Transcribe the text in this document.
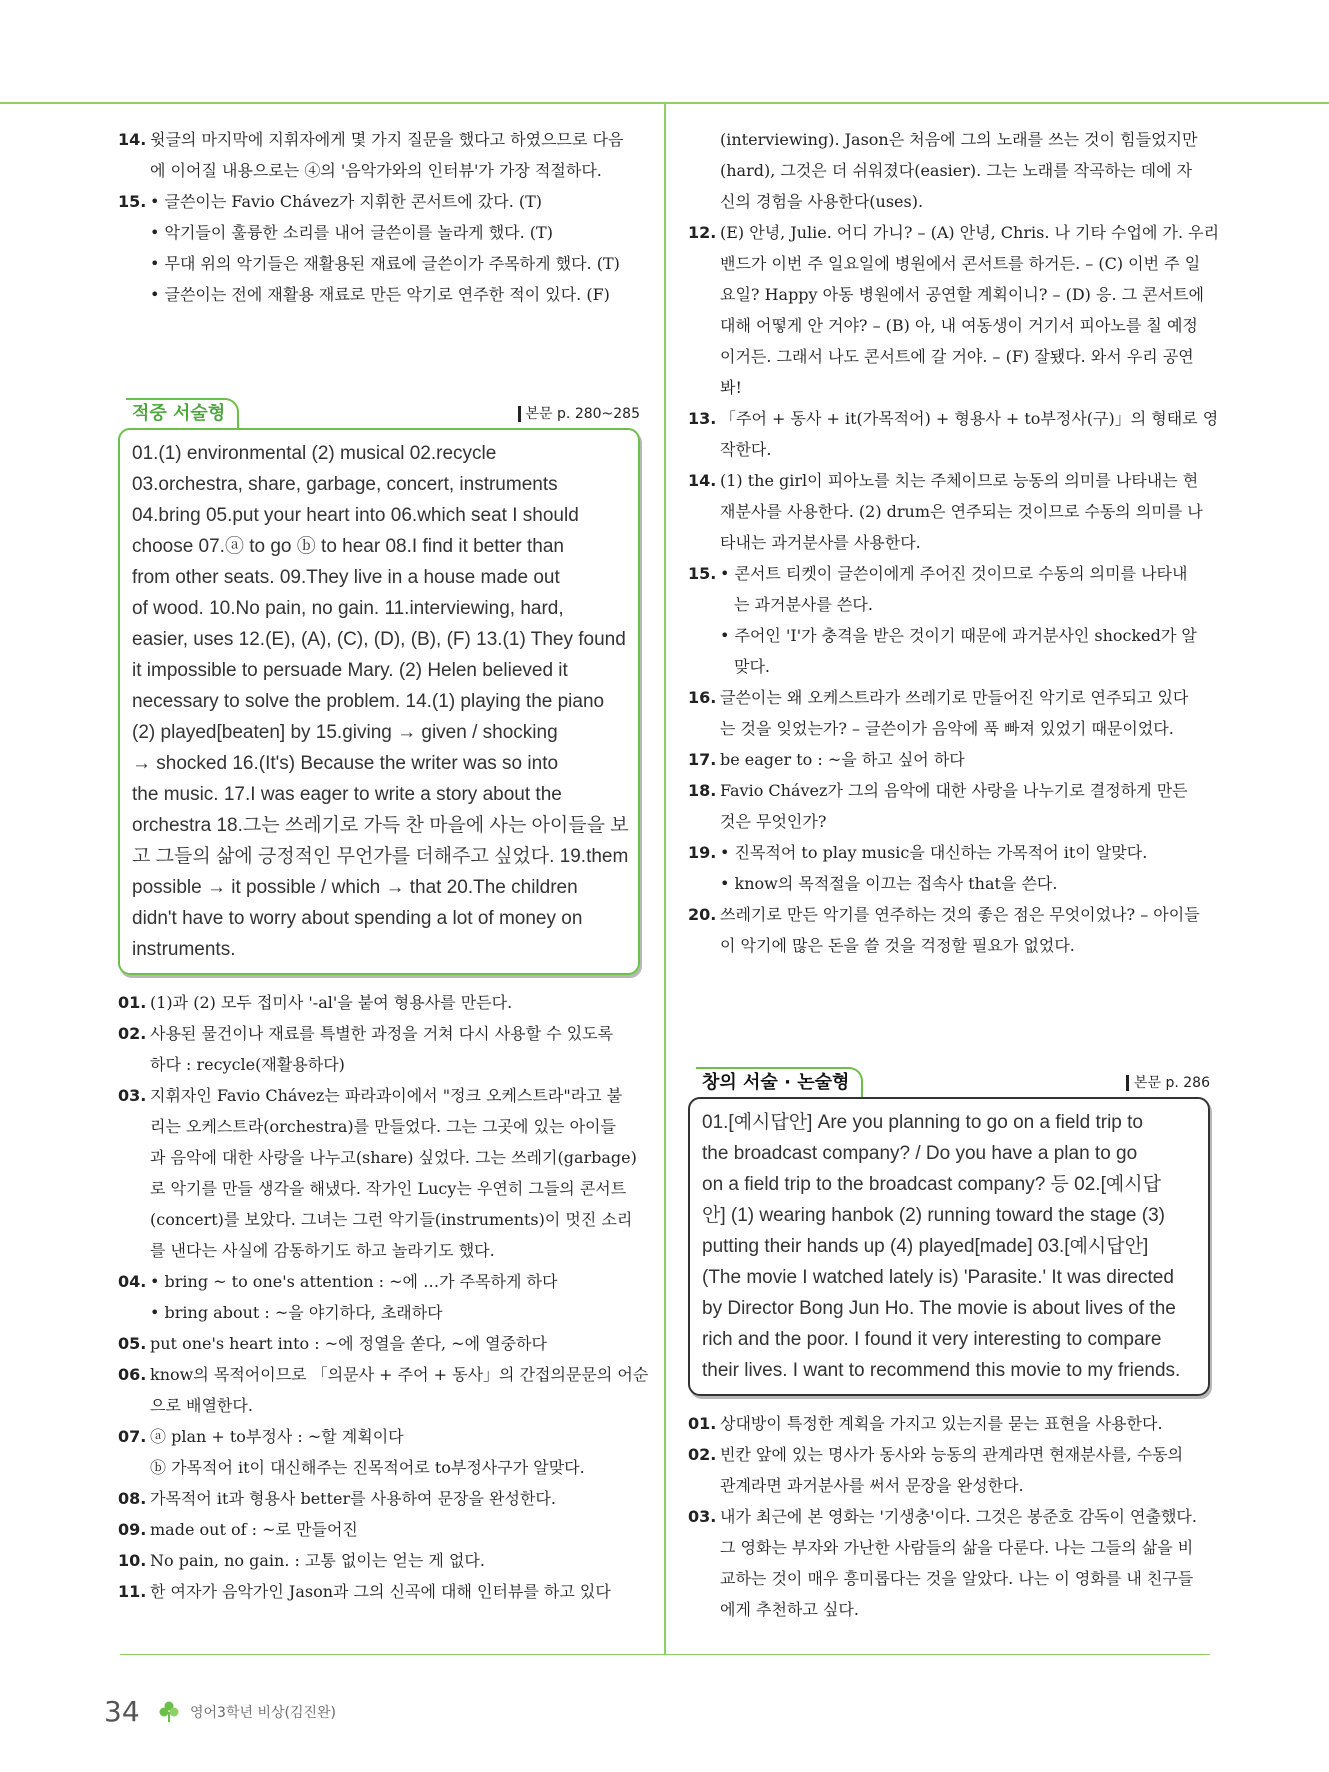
14. 윗글의 마지막에 지휘자에게 몇 가지 질문을 했다고 하였으므로 다음
에 이어질 내용으로는 ④의 '음악가와의 인터뷰'가 가장 적절하다.
15. • 글쓴이는 Favio Chávez가 지휘한 콘서트에 갔다. (T)
• 악기들이 훌륭한 소리를 내어 글쓴이를 놀라게 했다. (T)
• 무대 위의 악기들은 재활용된 재료에 글쓴이가 주목하게 했다. (T)
• 글쓴이는 전에 재활용 재료로 만든 악기로 연주한 적이 있다. (F)
적중 서술형	본문 p. 280~285
01.(1) environmental (2) musical 02.recycle
03.orchestra, share, garbage, concert, instruments
04.bring 05.put your heart into 06.which seat I should
choose 07.ⓐ to go ⓑ to hear 08.I find it better than
from other seats. 09.They live in a house made out
of wood. 10.No pain, no gain. 11.interviewing, hard,
easier, uses 12.(E), (A), (C), (D), (B), (F) 13.(1) They found
it impossible to persuade Mary. (2) Helen believed it
necessary to solve the problem. 14.(1) playing the piano
(2) played[beaten] by 15.giving → given / shocking
→ shocked 16.(It's) Because the writer was so into
the music. 17.I was eager to write a story about the
orchestra 18.그는 쓰레기로 가득 찬 마을에 사는 아이들을 보
고 그들의 삶에 긍정적인 무언가를 더해주고 싶었다. 19.them
possible → it possible / which → that 20.The children
didn't have to worry about spending a lot of money on
instruments.
01. (1)과 (2) 모두 접미사 '-al'을 붙여 형용사를 만든다.
02. 사용된 물건이나 재료를 특별한 과정을 거쳐 다시 사용할 수 있도록
하다 : recycle(재활용하다)
03. 지휘자인 Favio Chávez는 파라과이에서 "정크 오케스트라"라고 불
리는 오케스트라(orchestra)를 만들었다. 그는 그곳에 있는 아이들
과 음악에 대한 사랑을 나누고(share) 싶었다. 그는 쓰레기(garbage)
로 악기를 만들 생각을 해냈다. 작가인 Lucy는 우연히 그들의 콘서트
(concert)를 보았다. 그녀는 그런 악기들(instruments)이 멋진 소리
를 낸다는 사실에 감동하기도 하고 놀라기도 했다.
04. • bring ~ to one's attention : ~에 …가 주목하게 하다
• bring about : ~을 야기하다, 초래하다
05. put one's heart into : ~에 정열을 쏟다, ~에 열중하다
06. know의 목적어이므로 「의문사 + 주어 + 동사」의 간접의문문의 어순
으로 배열한다.
07. ⓐ plan + to부정사 : ~할 계획이다
ⓑ 가목적어 it이 대신해주는 진목적어로 to부정사구가 알맞다.
08. 가목적어 it과 형용사 better를 사용하여 문장을 완성한다.
09. made out of : ~로 만들어진
10. No pain, no gain. : 고통 없이는 얻는 게 없다.
11. 한 여자가 음악가인 Jason과 그의 신곡에 대해 인터뷰를 하고 있다
(interviewing). Jason은 처음에 그의 노래를 쓰는 것이 힘들었지만
(hard), 그것은 더 쉬워졌다(easier). 그는 노래를 작곡하는 데에 자
신의 경험을 사용한다(uses).
12. (E) 안녕, Julie. 어디 가니? – (A) 안녕, Chris. 나 기타 수업에 가. 우리
밴드가 이번 주 일요일에 병원에서 콘서트를 하거든. – (C) 이번 주 일
요일? Happy 아동 병원에서 공연할 계획이니? – (D) 응. 그 콘서트에
대해 어떻게 안 거야? – (B) 아, 내 여동생이 거기서 피아노를 칠 예정
이거든. 그래서 나도 콘서트에 갈 거야. – (F) 잘됐다. 와서 우리 공연
봐!
13. 「주어 + 동사 + it(가목적어) + 형용사 + to부정사(구)」의 형태로 영
작한다.
14. (1) the girl이 피아노를 치는 주체이므로 능동의 의미를 나타내는 현
재분사를 사용한다. (2) drum은 연주되는 것이므로 수동의 의미를 나
타내는 과거분사를 사용한다.
15. • 콘서트 티켓이 글쓴이에게 주어진 것이므로 수동의 의미를 나타내
는 과거분사를 쓴다.
• 주어인 'I'가 충격을 받은 것이기 때문에 과거분사인 shocked가 알
맞다.
16. 글쓴이는 왜 오케스트라가 쓰레기로 만들어진 악기로 연주되고 있다
는 것을 잊었는가? – 글쓴이가 음악에 푹 빠져 있었기 때문이었다.
17. be eager to : ~을 하고 싶어 하다
18. Favio Chávez가 그의 음악에 대한 사랑을 나누기로 결정하게 만든
것은 무엇인가?
19. • 진목적어 to play music을 대신하는 가목적어 it이 알맞다.
• know의 목적절을 이끄는 접속사 that을 쓴다.
20. 쓰레기로 만든 악기를 연주하는 것의 좋은 점은 무엇이었나? – 아이들
이 악기에 많은 돈을 쓸 것을 걱정할 필요가 없었다.
창의 서술 · 논술형	본문 p. 286
01.[예시답안] Are you planning to go on a field trip to
the broadcast company? / Do you have a plan to go
on a field trip to the broadcast company? 등 02.[예시답
안] (1) wearing hanbok (2) running toward the stage (3)
putting their hands up (4) played[made] 03.[예시답안]
(The movie I watched lately is) 'Parasite.' It was directed
by Director Bong Jun Ho. The movie is about lives of the
rich and the poor. I found it very interesting to compare
their lives. I want to recommend this movie to my friends.
01. 상대방이 특정한 계획을 가지고 있는지를 묻는 표현을 사용한다.
02. 빈칸 앞에 있는 명사가 동사와 능동의 관계라면 현재분사를, 수동의
관계라면 과거분사를 써서 문장을 완성한다.
03. 내가 최근에 본 영화는 '기생충'이다. 그것은 봉준호 감독이 연출했다.
그 영화는 부자와 가난한 사람들의 삶을 다룬다. 나는 그들의 삶을 비
교하는 것이 매우 흥미롭다는 것을 알았다. 나는 이 영화를 내 친구들
에게 추천하고 싶다.
34	영어3학년 비상(김진완)
